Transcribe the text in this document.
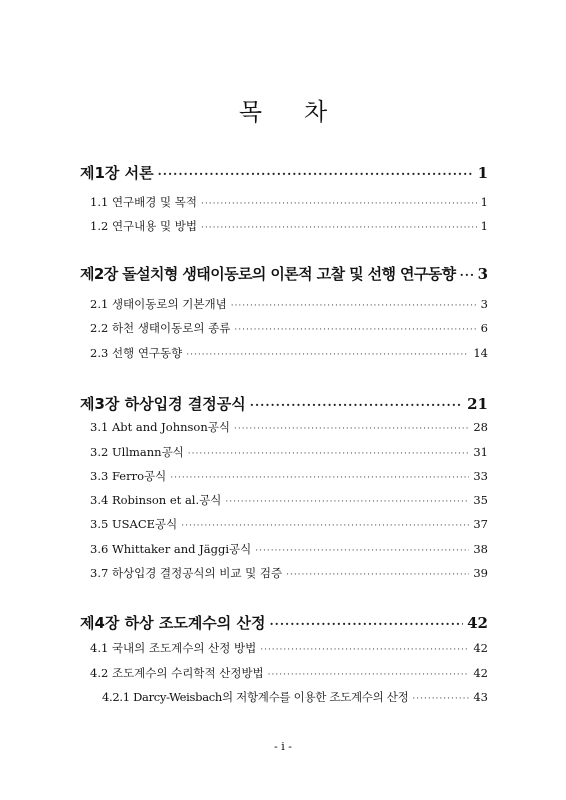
목 차
제1장 서론 ·····	1
1.1 연구배경 및 목적 ·····	1
1.2 연구내용 및 방법 ·····	1
제2장 돌설치형 생태이동로의 이론적 고찰 및 선행 연구동향 ····· 3
2.1 생태이동로의 기본개념 ·····	3
2.2 하천 생태이동로의 종류 ·····	6
2.3 선행 연구동향 ·····	14
제3장 하상입경 결정공식 ·····	21
3.1 Abt and Johnson공식 ·····	28
3.2 Ullmann공식 ·····	31
3.3 Ferro공식 ·····	33
3.4 Robinson et al.공식 ·····	35
3.5 USACE공식 ·····	37
3.6 Whittaker and Jäggi공식 ·····	38
3.7 하상입경 결정공식의 비교 및 검증 ·····	39
제4장 하상 조도계수의 산정 ·····	42
4.1 국내의 조도계수의 산정 방법 ·····	42
4.2 조도계수의 수리학적 산정방법 ·····	42
4.2.1 Darcy-Weisbach의 저항계수를 이용한 조도계수의 산정 ·····	43
- i -
